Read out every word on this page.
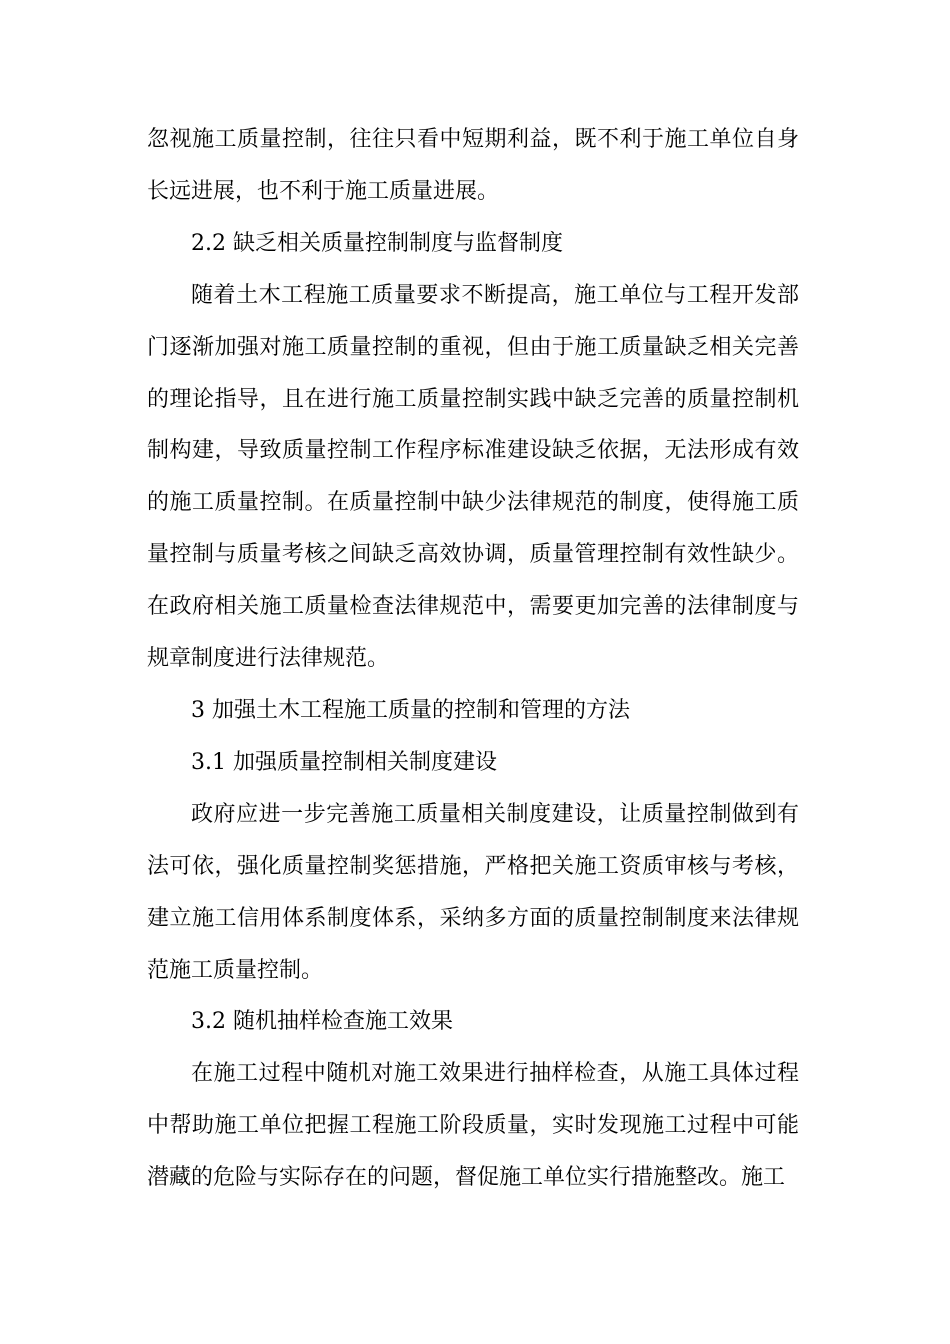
忽视施工质量控制，往往只看中短期利益，既不利于施工单位自身长远进展，也不利于施工质量进展。

2.2 缺乏相关质量控制制度与监督制度

随着土木工程施工质量要求不断提高，施工单位与工程开发部门逐渐加强对施工质量控制的重视，但由于施工质量缺乏相关完善的理论指导，且在进行施工质量控制实践中缺乏完善的质量控制机制构建，导致质量控制工作程序标准建设缺乏依据，无法形成有效的施工质量控制。在质量控制中缺少法律规范的制度，使得施工质量控制与质量考核之间缺乏高效协调，质量管理控制有效性缺少。在政府相关施工质量检查法律规范中，需要更加完善的法律制度与规章制度进行法律规范。

3 加强土木工程施工质量的控制和管理的方法

3.1 加强质量控制相关制度建设

政府应进一步完善施工质量相关制度建设，让质量控制做到有法可依，强化质量控制奖惩措施，严格把关施工资质审核与考核，建立施工信用体系制度体系，采纳多方面的质量控制制度来法律规范施工质量控制。

3.2 随机抽样检查施工效果

在施工过程中随机对施工效果进行抽样检查，从施工具体过程中帮助施工单位把握工程施工阶段质量，实时发现施工过程中可能潜藏的危险与实际存在的问题，督促施工单位实行措施整改。施工
